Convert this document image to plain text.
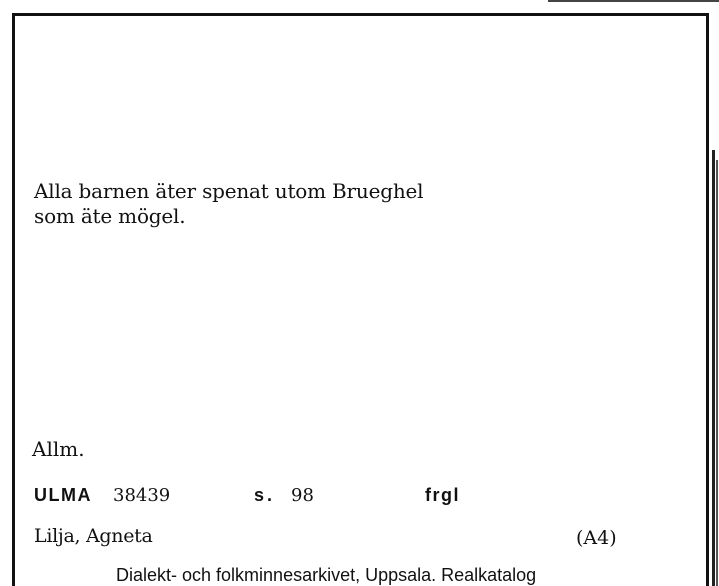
Alla barnen äter spenat utom Brueghel
som äte mögel.
Allm.
ULMA 38439	s. 98	frgl
Lilja, Agneta	(A4)
Dialekt- och folkminnesarkivet, Uppsala. Realkatalog
